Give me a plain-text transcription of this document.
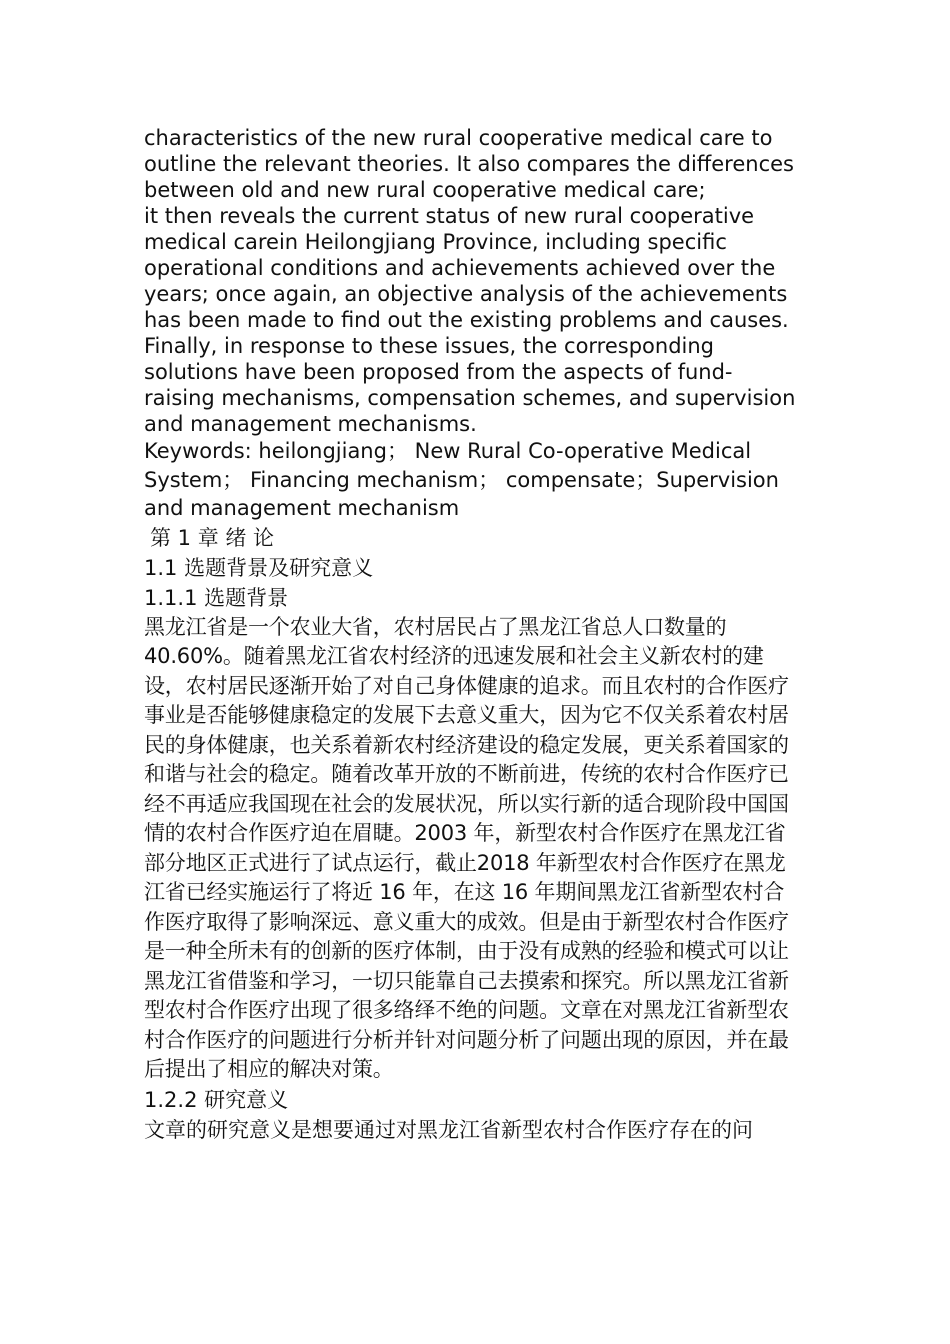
characteristics of the new rural cooperative medical care to outline the relevant theories. It also compares the differences between old and new rural cooperative medical care;

it then reveals the current status of new rural cooperative medical carein Heilongjiang Province, including specific operational conditions and achievements achieved over the years; once again, an objective analysis of the achievements has been made to find out the existing problems and causes. Finally, in response to these issues, the corresponding solutions have been proposed from the aspects of fund-raising mechanisms, compensation schemes, and supervision and management mechanisms.

Keywords: heilongjiang； New Rural Co-operative Medical System； Financing mechanism； compensate；Supervision and management mechanism

第 1 章 绪 论

1.1 选题背景及研究意义

1.1.1 选题背景

黑龙江省是一个农业大省，农村居民占了黑龙江省总人口数量的40.60%。随着黑龙江省农村经济的迅速发展和社会主义新农村的建设，农村居民逐渐开始了对自己身体健康的追求。而且农村的合作医疗事业是否能够健康稳定的发展下去意义重大，因为它不仅关系着农村居民的身体健康，也关系着新农村经济建设的稳定发展，更关系着国家的和谐与社会的稳定。随着改革开放的不断前进，传统的农村合作医疗已经不再适应我国现在社会的发展状况，所以实行新的适合现阶段中国国情的农村合作医疗迫在眉睫。2003 年，新型农村合作医疗在黑龙江省部分地区正式进行了试点运行，截止2018 年新型农村合作医疗在黑龙江省已经实施运行了将近 16 年，在这 16 年期间黑龙江省新型农村合作医疗取得了影响深远、意义重大的成效。但是由于新型农村合作医疗是一种全所未有的创新的医疗体制，由于没有成熟的经验和模式可以让黑龙江省借鉴和学习，一切只能靠自己去摸索和探究。所以黑龙江省新型农村合作医疗出现了很多络绎不绝的问题。文章在对黑龙江省新型农村合作医疗的问题进行分析并针对问题分析了问题出现的原因，并在最后提出了相应的解决对策。

1.2.2 研究意义

文章的研究意义是想要通过对黑龙江省新型农村合作医疗存在的问
